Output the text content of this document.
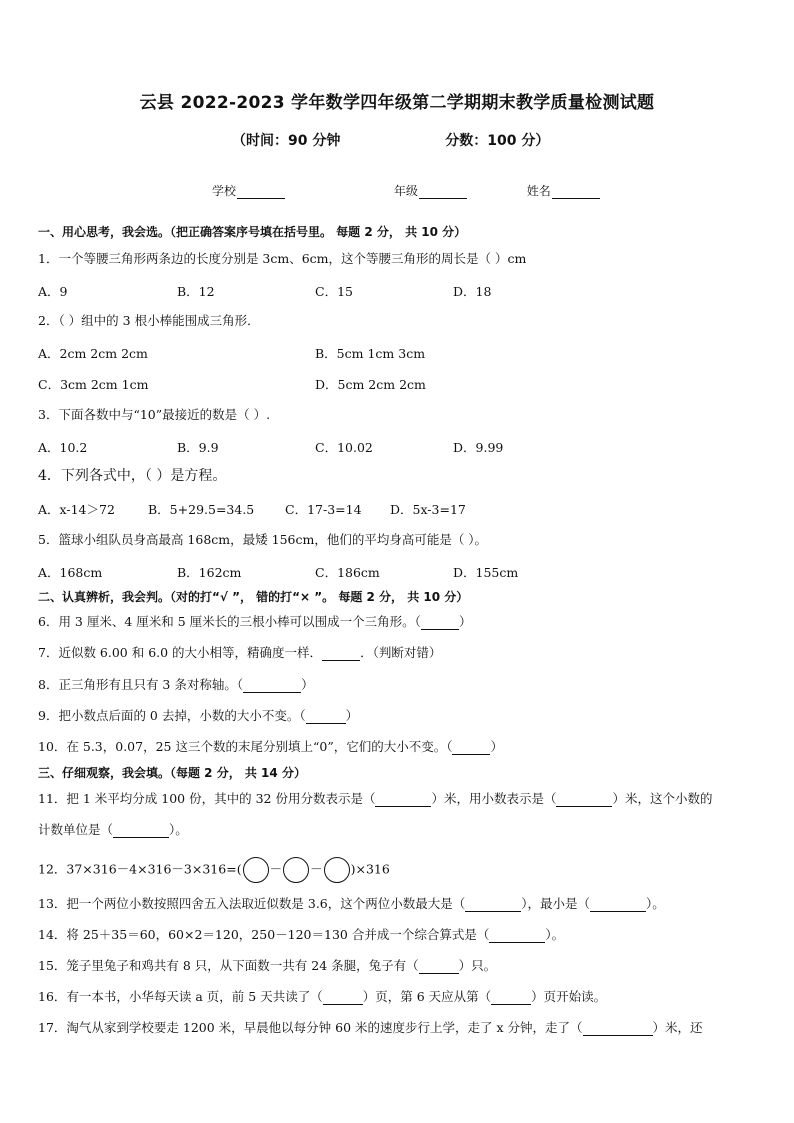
云县 2022-2023 学年数学四年级第二学期期末教学质量检测试题
（时间：90 分钟	分数：100 分）
学校	年级	姓名
一、用心思考，我会选。（把正确答案序号填在括号里。 每题 2 分， 共 10 分）
1．一个等腰三角形两条边的长度分别是 3cm、6cm，这个等腰三角形的周长是（ ）cm
A．9	B．12	C．15	D．18
2．（ ）组中的 3 根小棒能围成三角形．
A．2cm 2cm 2cm	B．5cm 1cm 3cm
C．3cm 2cm 1cm	D．5cm 2cm 2cm
3．下面各数中与“10”最接近的数是（ ）.
A．10.2	B．9.9	C．10.02	D．9.99
4．下列各式中，（ ）是方程。
A．x-14＞72	B．5+29.5=34.5 C．17-3=14 D．5x-3=17
5．篮球小组队员身高最高 168cm，最矮 156cm，他们的平均身高可能是（ ）。
A．168cm	B．162cm	C．186cm	D．155cm
二、认真辨析，我会判。（对的打“√ ”， 错的打“× ”。 每题 2 分， 共 10 分）
6．用 3 厘米、4 厘米和 5 厘米长的三根小棒可以围成一个三角形。（	）
7．近似数 6.00 和 6.0 的大小相等，精确度一样．	．（判断对错）
8．正三角形有且只有 3 条对称轴。（	）
9．把小数点后面的 0 去掉，小数的大小不变。（	）
10．在 5.3，0.07，25 这三个数的末尾分别填上“0”，它们的大小不变。（	）
三、仔细观察，我会填。（每题 2 分， 共 14 分）
11．把 1 米平均分成 100 份，其中的 32 份用分数表示是（	）米，用小数表示是（	）米，这个小数的
计数单位是（	）。
12．37×316－4×316－3×316=( － － )×316
13．把一个两位小数按照四舍五入法取近似数是 3.6，这个两位小数最大是（	），最小是（	）。
14．将 25＋35＝60，60×2＝120，250－120＝130 合并成一个综合算式是（	）。
15．笼子里兔子和鸡共有 8 只，从下面数一共有 24 条腿，兔子有（	）只。
16．有一本书，小华每天读 a 页，前 5 天共读了（	）页，第 6 天应从第（	）页开始读。
17．淘气从家到学校要走 1200 米，早晨他以每分钟 60 米的速度步行上学，走了 x 分钟，走了（	）米，还
